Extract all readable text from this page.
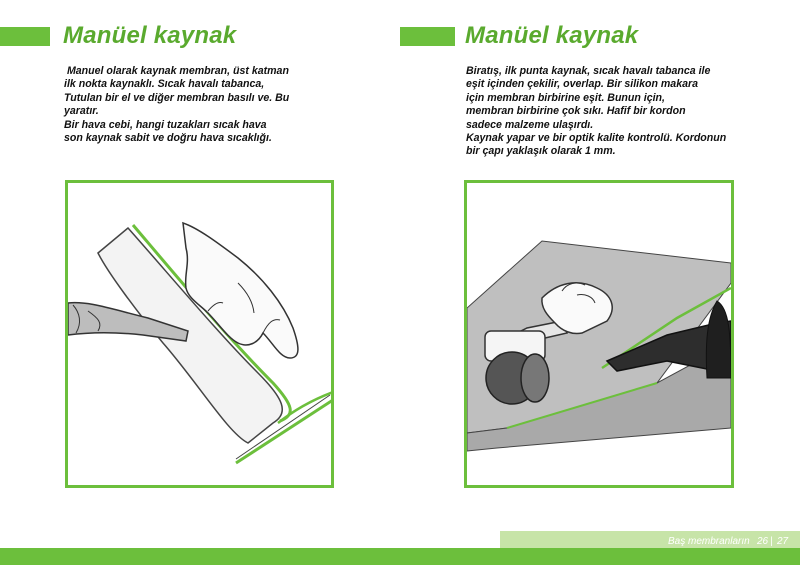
Manüel kaynak
Manuel olarak kaynak membran, üst katman
ilk nokta kaynaklı. Sıcak havalı tabanca,
Tutulan bir el ve diğer membran basılı ve. Bu
yaratır.
Bir hava cebi, hangi tuzakları sıcak hava
son kaynak sabit ve doğru hava sıcaklığı.
Manüel kaynak
Biratış, ilk punta kaynak, sıcak havalı tabanca ile
eşit içinden çekilir, overlap. Bir silikon makara
için membran birbirine eşit. Bunun için,
membran birbirine çok sıkı. Hafif bir kordon
sadece malzeme ulaşırdı.
Kaynak yapar ve bir optik kalite kontrolü. Kordonun
bir çapı yaklaşık olarak 1 mm.
Baş membranların 26 | 27
